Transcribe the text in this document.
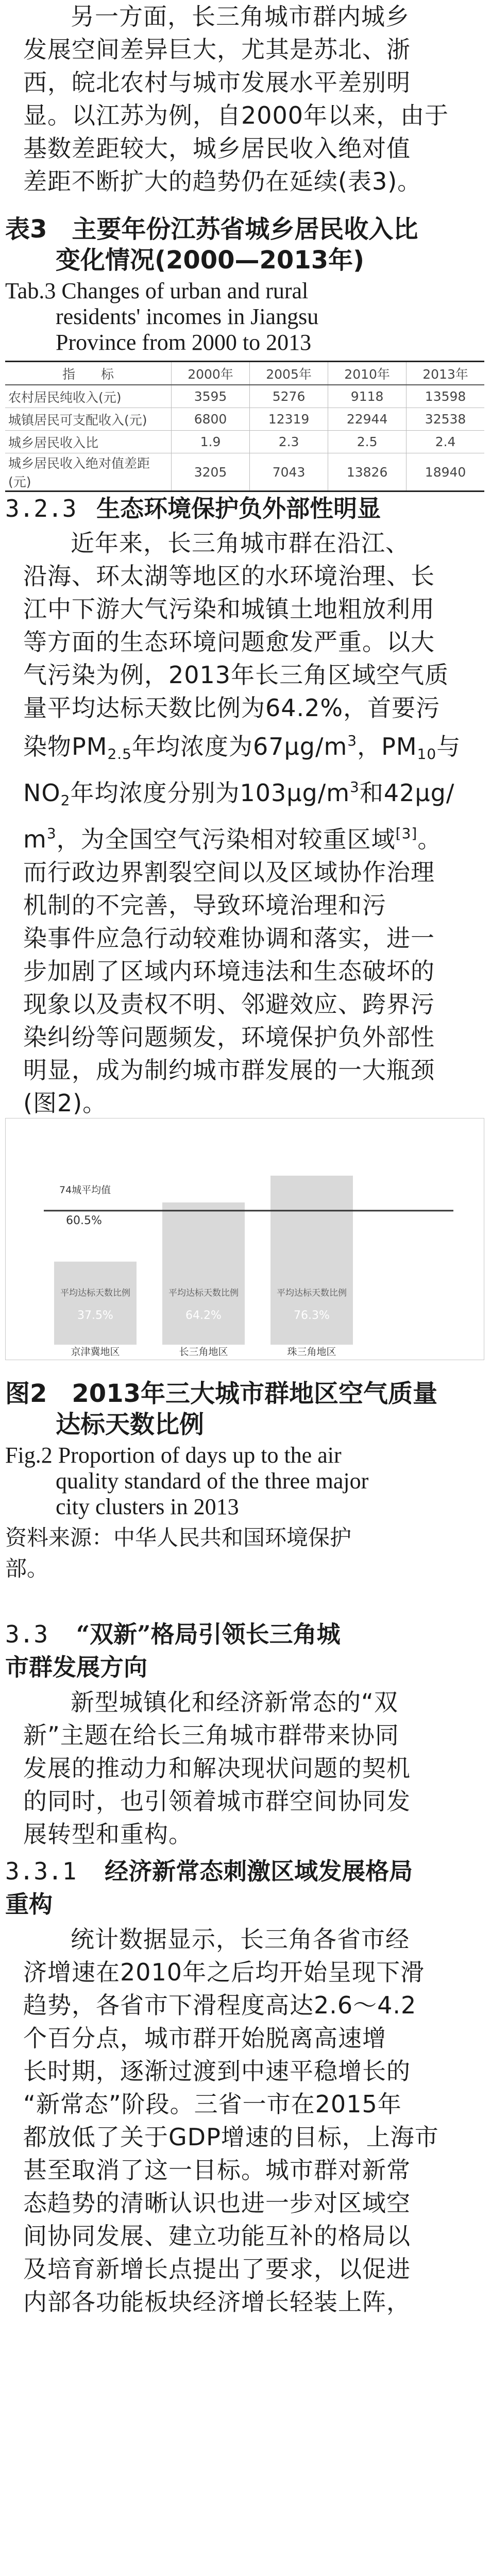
另一方面，长三角城市群内城乡
发展空间差异巨大，尤其是苏北、浙
西，皖北农村与城市发展水平差别明
显。以江苏为例，自2000年以来，由于
基数差距较大，城乡居民收入绝对值
差距不断扩大的趋势仍在延续(表3)。
表3　主要年份江苏省城乡居民收入比
变化情况(2000—2013年)
Tab.3 Changes of urban and rural
residents' incomes in Jiangsu
Province from 2000 to 2013
指　　标	2000年	2005年	2010年	2013年
农村居民纯收入(元)	3595	5276	9118	13598
城镇居民可支配收入(元)	6800	12319	22944	32538
城乡居民收入比	1.9	2.3	2.5	2.4
城乡居民收入绝对值差距(元)	3205	7043	13826	18940
3.2.3 生态环境保护负外部性明显
近年来，长三角城市群在沿江、
沿海、环太湖等地区的水环境治理、长
江中下游大气污染和城镇土地粗放利用
等方面的生态环境问题愈发严重。以大
气污染为例，2013年长三角区域空气质
量平均达标天数比例为64.2%，首要污
染物$PM_{2.5}$年均浓度为$67\mu g/m^3$，$PM_{10}$与
$NO_2$年均浓度分别为$103\mu g/m^3$和42μg/
$m^3$，为全国空气污染相对较重区域[3]。
而行政边界割裂空间以及区域协作治理
机制的不完善，导致环境治理和污
染事件应急行动较难协调和落实，进一
步加剧了区域内环境违法和生态破坏的
现象以及责权不明、邻避效应、跨界污
染纠纷等问题频发，环境保护负外部性
明显，成为制约城市群发展的一大瓶颈
(图2)。
平均达标天数比例
37.5%
京津冀地区
平均达标天数比例
64.2%
长三角地区
平均达标天数比例
76.3%
珠三角地区
74城平均值
60.5%
图2　2013年三大城市群地区空气质量
达标天数比例
Fig.2 Proportion of days up to the air
quality standard of the three major
city clusters in 2013
资料来源：中华人民共和国环境保护
部。
3.3 “双新”格局引领长三角城
市群发展方向
新型城镇化和经济新常态的“双
新”主题在给长三角城市群带来协同
发展的推动力和解决现状问题的契机
的同时，也引领着城市群空间协同发
展转型和重构。
3.3.1 经济新常态刺激区域发展格局
重构
统计数据显示，长三角各省市经
济增速在2010年之后均开始呈现下滑
趋势，各省市下滑程度高达2.6～4.2
个百分点，城市群开始脱离高速增
长时期，逐渐过渡到中速平稳增长的
“新常态”阶段。三省一市在2015年
都放低了关于GDP增速的目标，上海市
甚至取消了这一目标。城市群对新常
态趋势的清晰认识也进一步对区域空
间协同发展、建立功能互补的格局以
及培育新增长点提出了要求，以促进
内部各功能板块经济增长轻装上阵，
